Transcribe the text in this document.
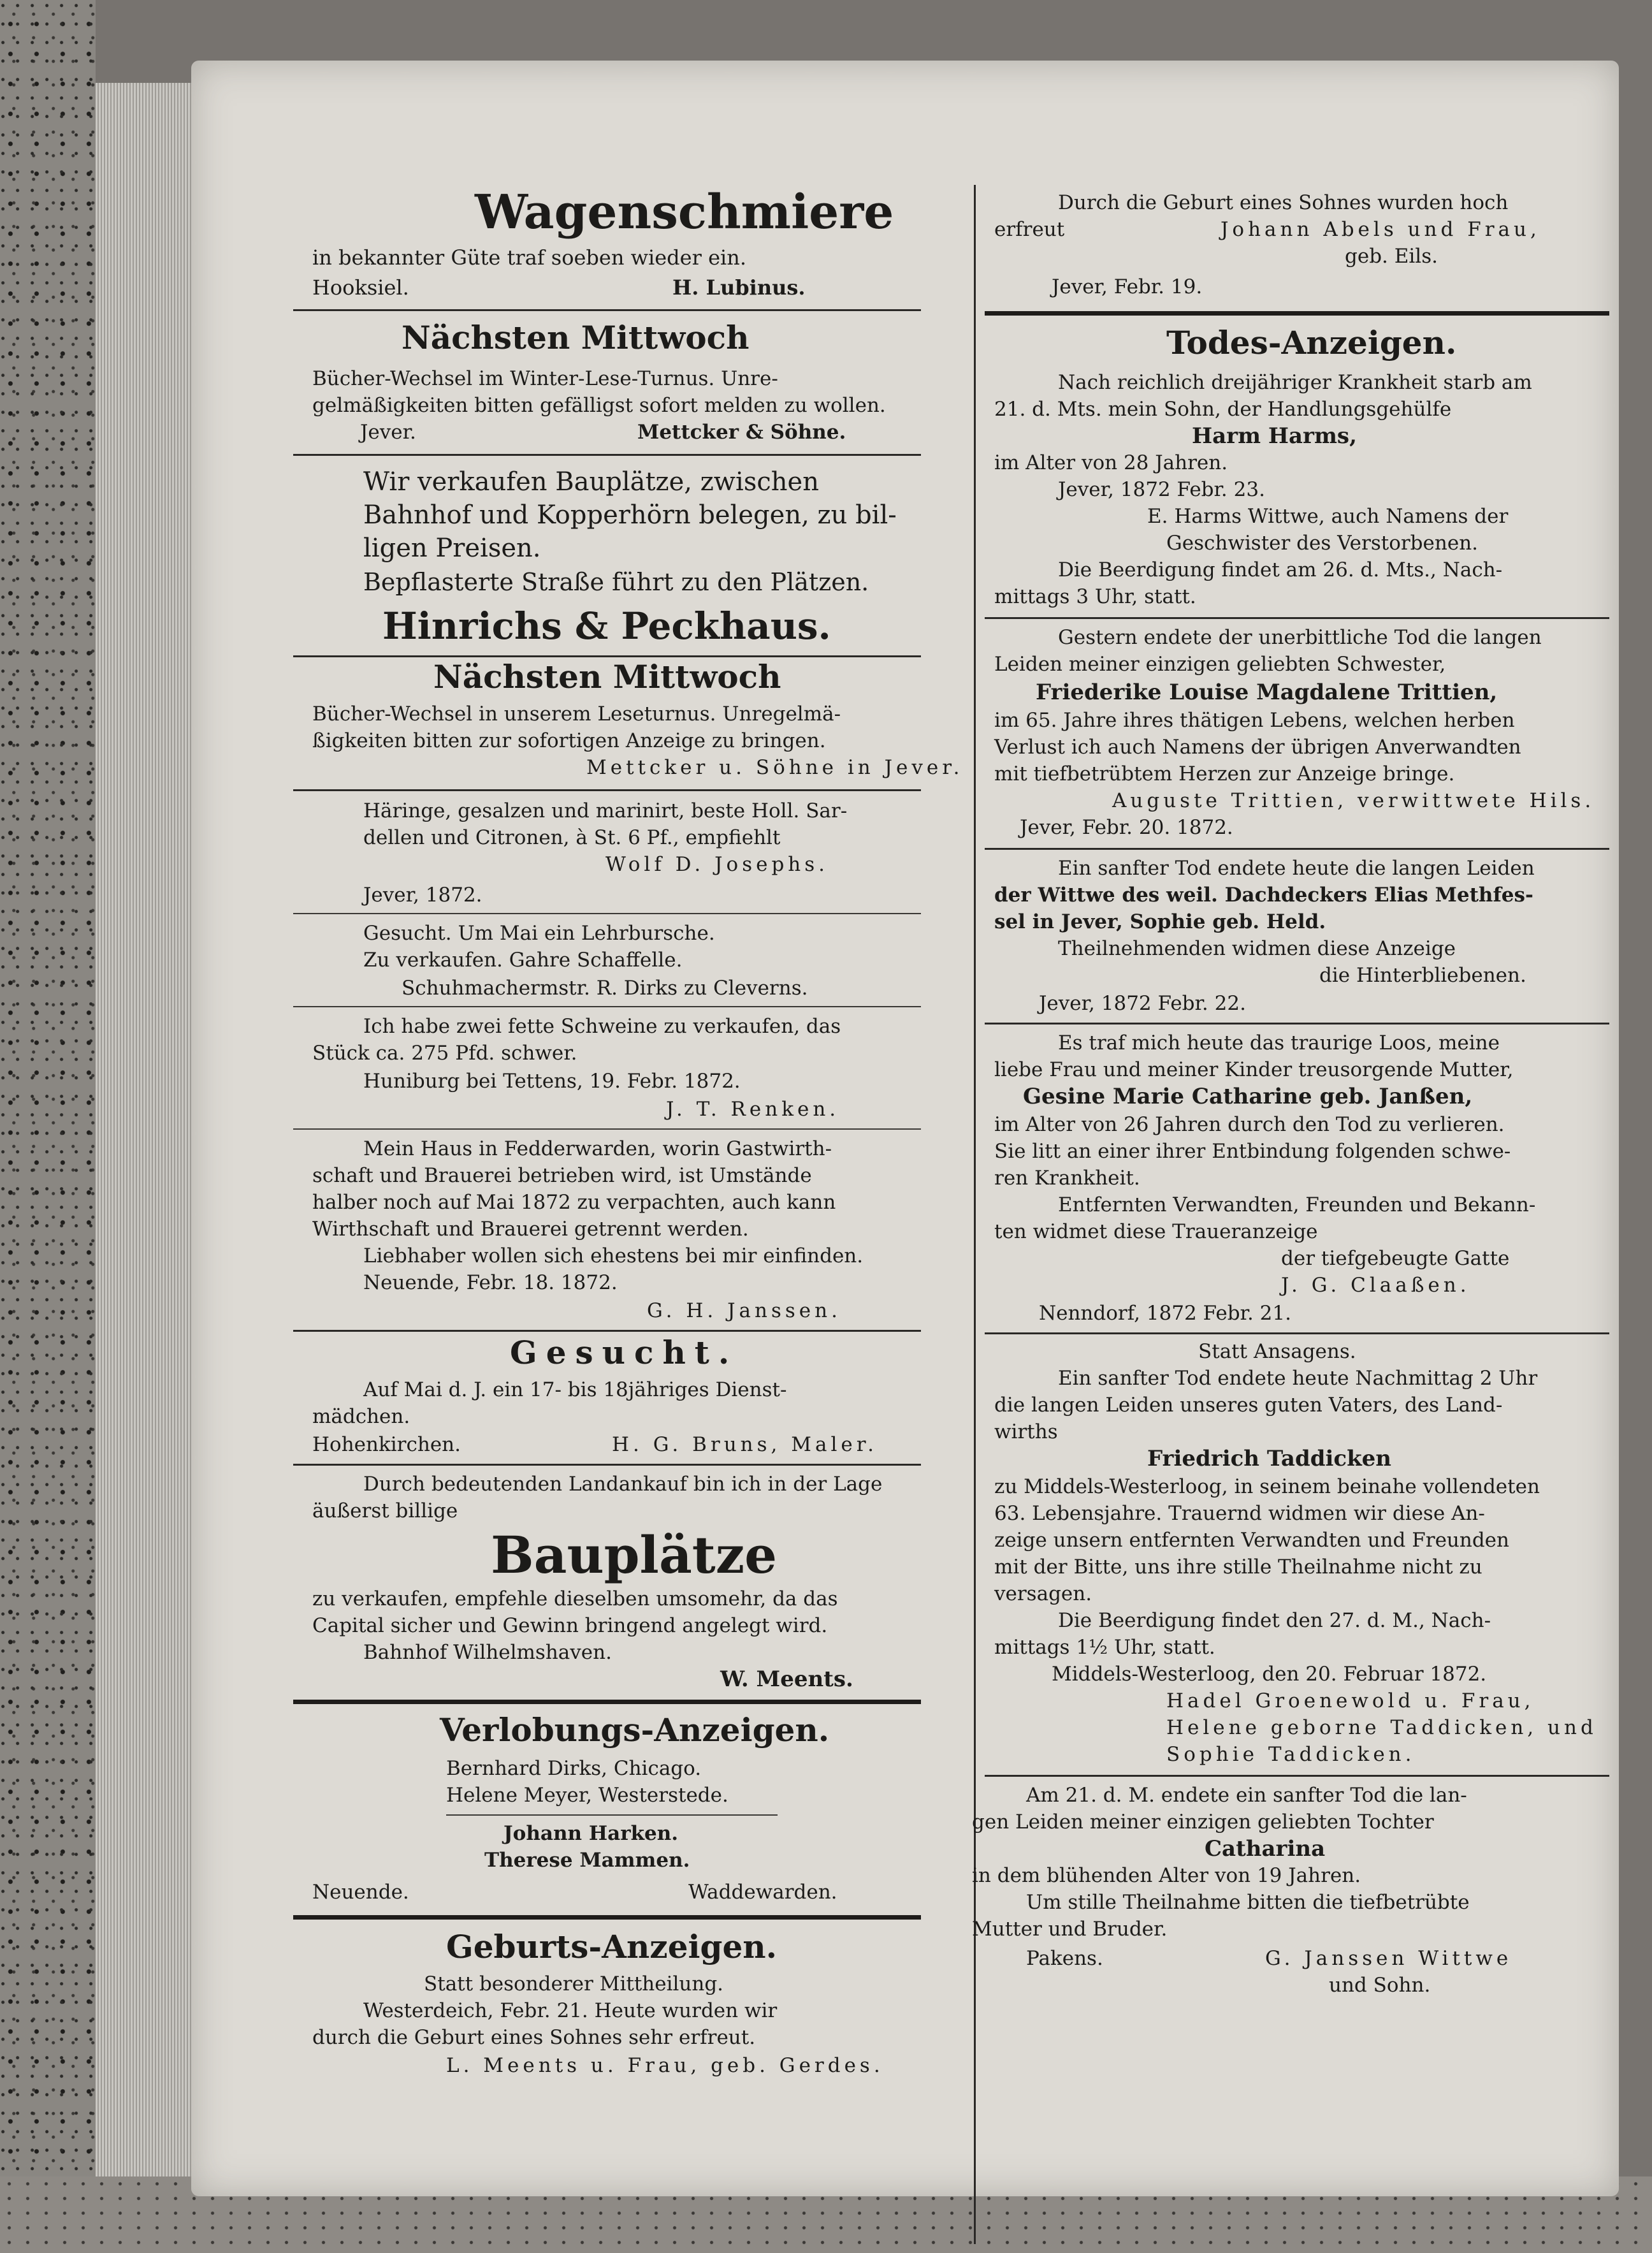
Wagenschmiere
in bekannter Güte traf soeben wieder ein.
Hooksiel.	H. Lubinus.
Nächsten Mittwoch
Bücher-Wechsel im Winter-Lese-Turnus. Unre-
gelmäßigkeiten bitten gefälligst sofort melden zu wollen.
Jever.	Mettcker & Söhne.
Wir verkaufen Bauplätze, zwischen
Bahnhof und Kopperhörn belegen, zu bil-
ligen Preisen.
Bepflasterte Straße führt zu den Plätzen.
Hinrichs & Peckhaus.
Nächsten Mittwoch
Bücher-Wechsel in unserem Leseturnus. Unregelmä-
ßigkeiten bitten zur sofortigen Anzeige zu bringen.
Mettcker u. Söhne in Jever.
Häringe, gesalzen und marinirt, beste Holl. Sar-
dellen und Citronen, à St. 6 Pf., empfiehlt
Wolf D. Josephs.
Jever, 1872.
Gesucht. Um Mai ein Lehrbursche.
Zu verkaufen. Gahre Schaffelle.
Schuhmachermstr. R. Dirks zu Cleverns.
Ich habe zwei fette Schweine zu verkaufen, das
Stück ca. 275 Pfd. schwer.
Huniburg bei Tettens, 19. Febr. 1872.
J. T. Renken.
Mein Haus in Fedderwarden, worin Gastwirth-
schaft und Brauerei betrieben wird, ist Umstände
halber noch auf Mai 1872 zu verpachten, auch kann
Wirthschaft und Brauerei getrennt werden.
Liebhaber wollen sich ehestens bei mir einfinden.
Neuende, Febr. 18. 1872.
G. H. Janssen.
Gesucht.
Auf Mai d. J. ein 17- bis 18jähriges Dienst-
mädchen.
Hohenkirchen.	H. G. Bruns, Maler.
Durch bedeutenden Landankauf bin ich in der Lage
äußerst billige
Bauplätze
zu verkaufen, empfehle dieselben umsomehr, da das
Capital sicher und Gewinn bringend angelegt wird.
Bahnhof Wilhelmshaven.
W. Meents.
Verlobungs-Anzeigen.
Bernhard Dirks, Chicago.
Helene Meyer, Westerstede.
Johann Harken.
Therese Mammen.
Neuende.	Waddewarden.
Geburts-Anzeigen.
Statt besonderer Mittheilung.
Westerdeich, Febr. 21. Heute wurden wir
durch die Geburt eines Sohnes sehr erfreut.
L. Meents u. Frau, geb. Gerdes.
Durch die Geburt eines Sohnes wurden hoch
erfreut	Johann Abels und Frau,
geb. Eils.
Jever, Febr. 19.
Todes-Anzeigen.
Nach reichlich dreijähriger Krankheit starb am
21. d. Mts. mein Sohn, der Handlungsgehülfe
Harm Harms,
im Alter von 28 Jahren.
Jever, 1872 Febr. 23.
E. Harms Wittwe, auch Namens der
Geschwister des Verstorbenen.
Die Beerdigung findet am 26. d. Mts., Nach-
mittags 3 Uhr, statt.
Gestern endete der unerbittliche Tod die langen
Leiden meiner einzigen geliebten Schwester,
Friederike Louise Magdalene Trittien,
im 65. Jahre ihres thätigen Lebens, welchen herben
Verlust ich auch Namens der übrigen Anverwandten
mit tiefbetrübtem Herzen zur Anzeige bringe.
Auguste Trittien, verwittwete Hils.
Jever, Febr. 20. 1872.
Ein sanfter Tod endete heute die langen Leiden
der Wittwe des weil. Dachdeckers Elias Methfes-
sel in Jever, Sophie geb. Held.
Theilnehmenden widmen diese Anzeige
die Hinterbliebenen.
Jever, 1872 Febr. 22.
Es traf mich heute das traurige Loos, meine
liebe Frau und meiner Kinder treusorgende Mutter,
Gesine Marie Catharine geb. Janßen,
im Alter von 26 Jahren durch den Tod zu verlieren.
Sie litt an einer ihrer Entbindung folgenden schwe-
ren Krankheit.
Entfernten Verwandten, Freunden und Bekann-
ten widmet diese Traueranzeige
der tiefgebeugte Gatte
J. G. Claaßen.
Nenndorf, 1872 Febr. 21.
Statt Ansagens.
Ein sanfter Tod endete heute Nachmittag 2 Uhr
die langen Leiden unseres guten Vaters, des Land-
wirths
Friedrich Taddicken
zu Middels-Westerloog, in seinem beinahe vollendeten
63. Lebensjahre. Trauernd widmen wir diese An-
zeige unsern entfernten Verwandten und Freunden
mit der Bitte, uns ihre stille Theilnahme nicht zu
versagen.
Die Beerdigung findet den 27. d. M., Nach-
mittags 1½ Uhr, statt.
Middels-Westerloog, den 20. Februar 1872.
Hadel Groenewold u. Frau,
Helene geborne Taddicken, und
Sophie Taddicken.
Am 21. d. M. endete ein sanfter Tod die lan-
gen Leiden meiner einzigen geliebten Tochter
Catharina
in dem blühenden Alter von 19 Jahren.
Um stille Theilnahme bitten die tiefbetrübte
Mutter und Bruder.
Pakens.	G. Janssen Wittwe
und Sohn.
